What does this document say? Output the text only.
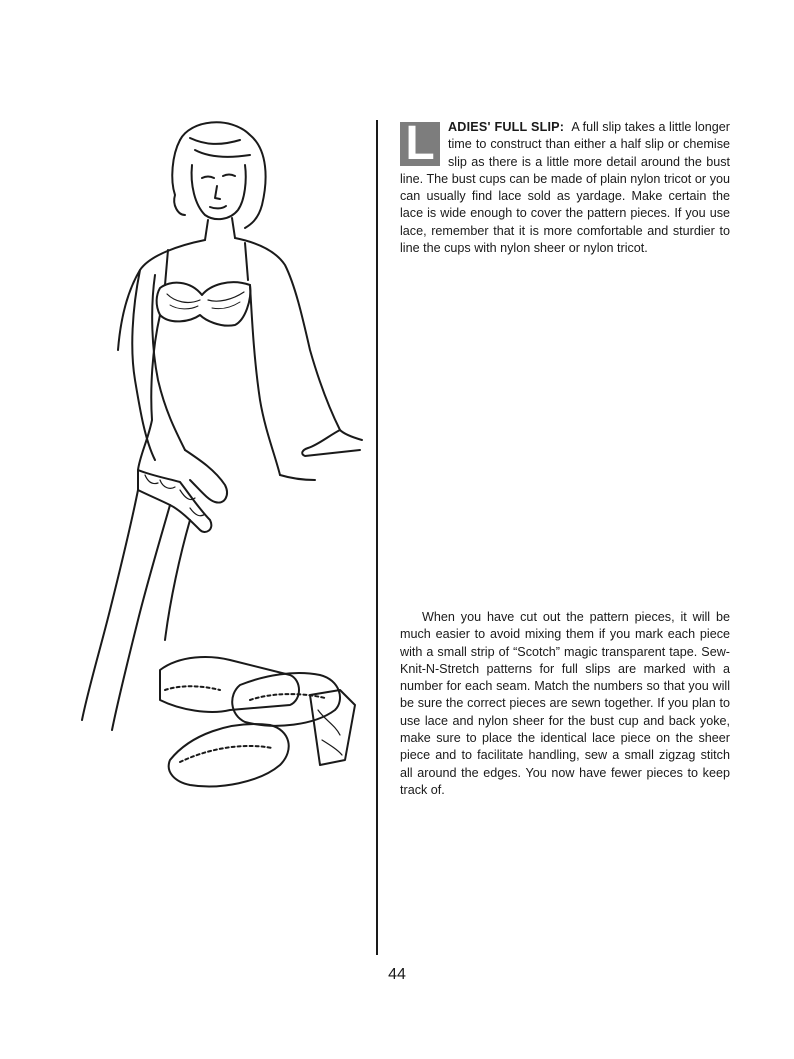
L	ADIES' FULL SLIP: A full slip takes a little longer time to construct than either a half slip or chemise slip as there is a little more detail around the bust line. The bust cups can be made of plain nylon tricot or you can usually find lace sold as yardage. Make certain the lace is wide enough to cover the pattern pieces. If you use lace, remember that it is more comfortable and sturdier to line the cups with nylon sheer or nylon tricot.

When you have cut out the pattern pieces, it will be much easier to avoid mixing them if you mark each piece with a small strip of “Scotch” magic transparent tape. Sew-Knit-N-Stretch patterns for full slips are marked with a number for each seam. Match the numbers so that you will be sure the correct pieces are sewn together. If you plan to use lace and nylon sheer for the bust cup and back yoke, make sure to place the identical lace piece on the sheer piece and to facilitate handling, sew a small zigzag stitch all around the edges. You now have fewer pieces to keep track of.

44
